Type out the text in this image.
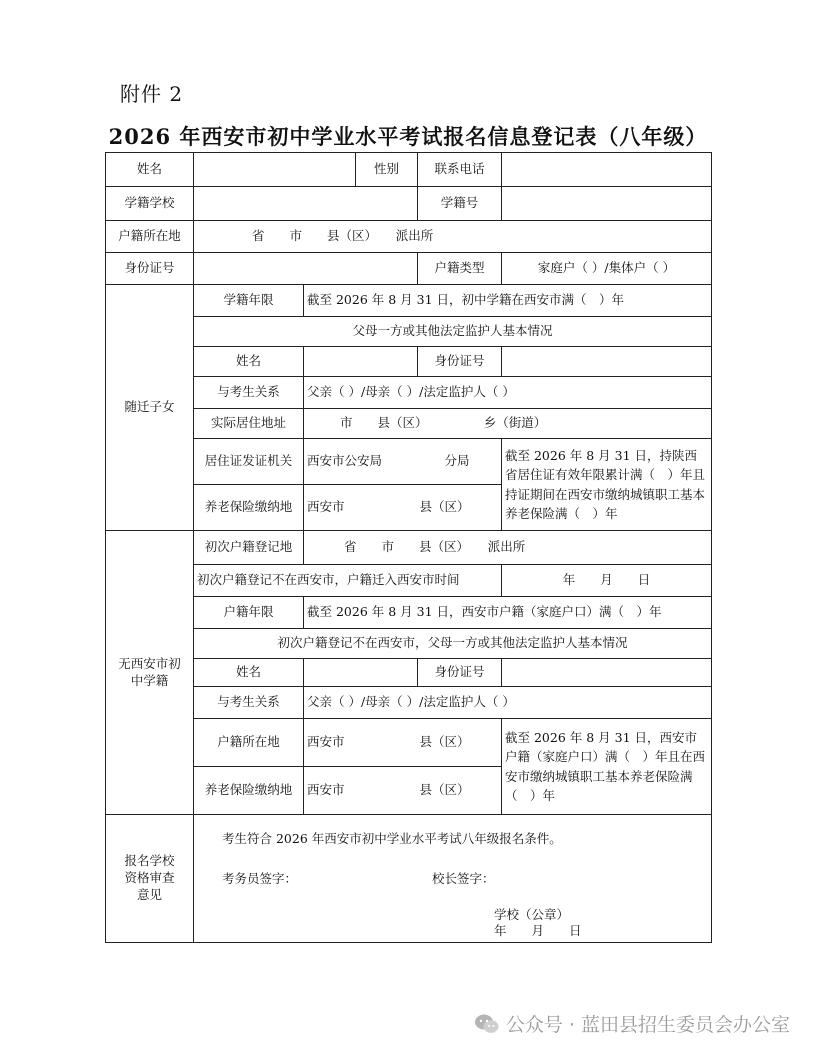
附件 2
2026 年西安市初中学业水平考试报名信息登记表（八年级）
姓名			性别	联系电话	
学籍学校				学籍号	
户籍所在地	省　　市　　县（区）　　派出所				
身份证号				户籍类型	家庭户（ ）/集体户（ ）
随迁子女	学籍年限	截至 2026 年 8 月 31 日，初中学籍在西安市满（　）年			
	父母一方或其他法定监护人基本情况				
	姓名			身份证号	
	与考生关系	父亲（ ）/母亲（ ）/法定监护人（ ）			
	实际居住地址	市　　县（区）　　　　　乡（街道）			
	居住证发证机关	西安市公安局　　　　　分局			截至 2026 年 8 月 31 日，持陕西省居住证有效年限累计满（　）年且持证期间在西安市缴纳城镇职工基本养老保险满（　）年
	养老保险缴纳地	西安市　　　　　　县（区）			
无西安市初中学籍	初次户籍登记地	省　　市　　县（区）　　派出所			
	初次户籍登记不在西安市，户籍迁入西安市时间				年　　月　　日
	户籍年限	截至 2026 年 8 月 31 日，西安市户籍（家庭户口）满（　）年			
	初次户籍登记不在西安市，父母一方或其他法定监护人基本情况				
	姓名			身份证号	
	与考生关系	父亲（ ）/母亲（ ）/法定监护人（ ）			
	户籍所在地	西安市　　　　　　县（区）			截至 2026 年 8 月 31 日，西安市户籍（家庭户口）满（　）年且在西安市缴纳城镇职工基本养老保险满（　）年
	养老保险缴纳地	西安市　　　　　　县（区）			
报名学校资格审查意见	考生符合 2026 年西安市初中学业水平考试八年级报名条件。
考务员签字： 校长签字：
学校（公章）
年　　月　　日				
公众号 · 蓝田县招生委员会办公室
